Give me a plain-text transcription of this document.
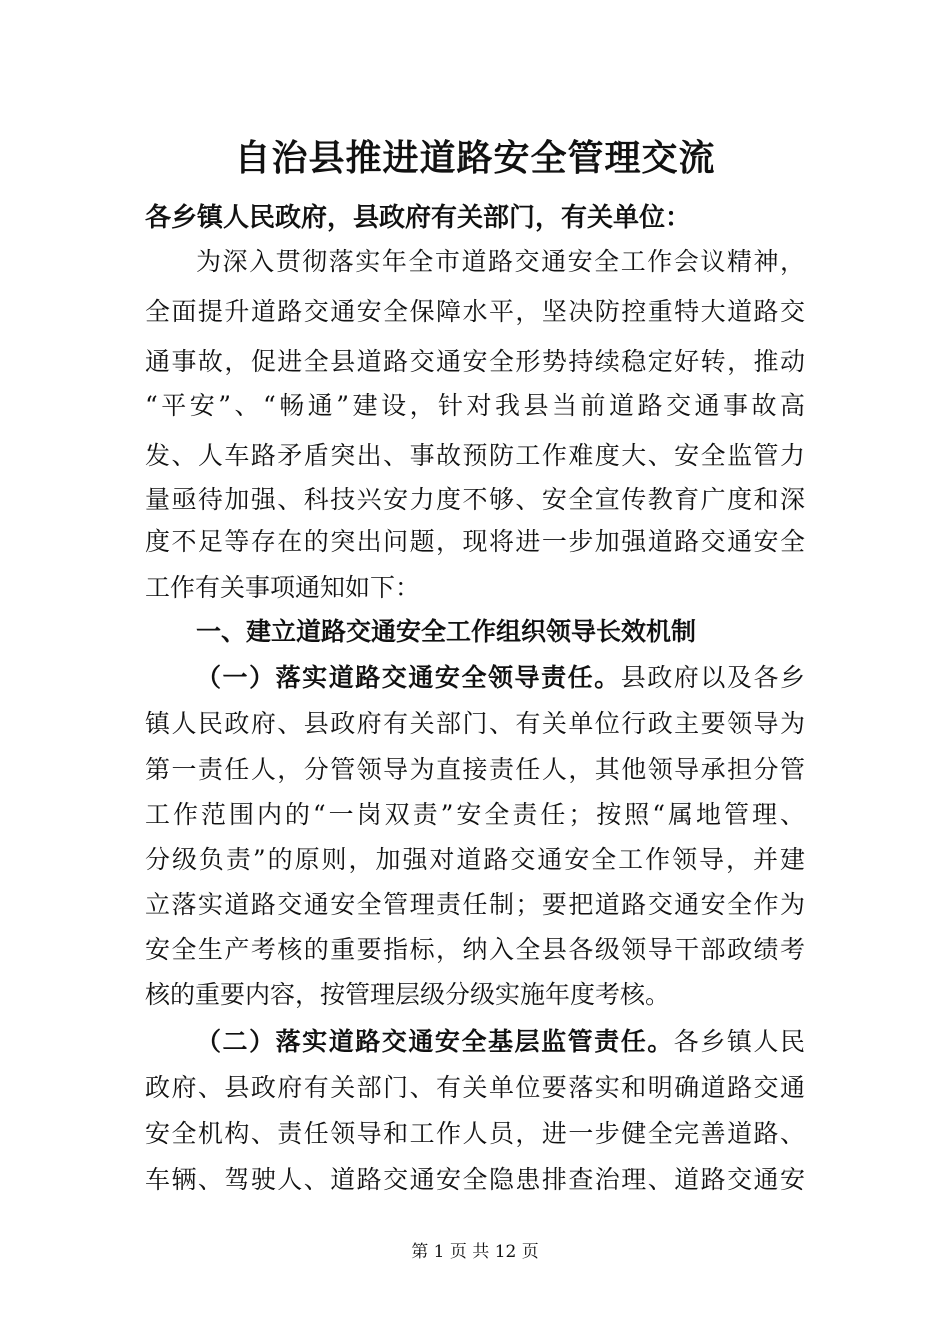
自治县推进道路安全管理交流
各乡镇人民政府，县政府有关部门，有关单位：
为深入贯彻落实年全市道路交通安全工作会议精神，
全面提升道路交通安全保障水平，坚决防控重特大道路交
通事故，促进全县道路交通安全形势持续稳定好转，推动
“平安”、“畅通”建设，针对我县当前道路交通事故高
发、人车路矛盾突出、事故预防工作难度大、安全监管力
量亟待加强、科技兴安力度不够、安全宣传教育广度和深
度不足等存在的突出问题，现将进一步加强道路交通安全
工作有关事项通知如下：
一、建立道路交通安全工作组织领导长效机制
（一）落实道路交通安全领导责任。县政府以及各乡
镇人民政府、县政府有关部门、有关单位行政主要领导为
第一责任人，分管领导为直接责任人，其他领导承担分管
工作范围内的“一岗双责”安全责任；按照“属地管理、
分级负责”的原则，加强对道路交通安全工作领导，并建
立落实道路交通安全管理责任制；要把道路交通安全作为
安全生产考核的重要指标，纳入全县各级领导干部政绩考
核的重要内容，按管理层级分级实施年度考核。
（二）落实道路交通安全基层监管责任。各乡镇人民
政府、县政府有关部门、有关单位要落实和明确道路交通
安全机构、责任领导和工作人员，进一步健全完善道路、
车辆、驾驶人、道路交通安全隐患排查治理、道路交通安
第 1 页 共 12 页
